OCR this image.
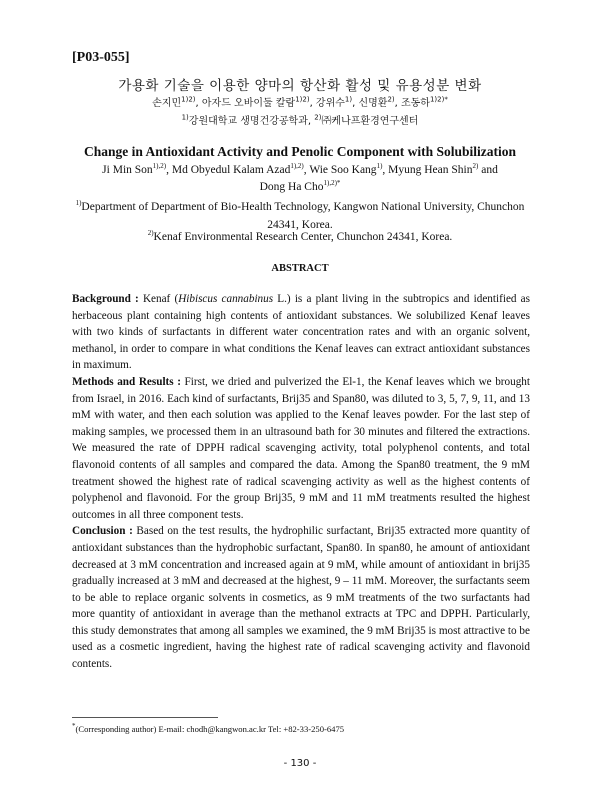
[P03-055]
가용화 기술을 이용한 양마의 항산화 활성 및 유용성분 변화
손지민$^{1)2)}$, 아자드 오바이둘 칼람$^{1)2)}$, 강위수$^{1)}$, 신명환$^{2)}$, 조동하$^{1)2)*}$
$^{1)}$강원대학교 생명건강공학과, $^{2)}$㈜케나프환경연구센터
Change in Antioxidant Activity and Penolic Component with Solubilization
Ji Min Son$^{1),2)}$, Md Obyedul Kalam Azad$^{1),2)}$, Wie Soo Kang$^{1)}$, Myung Hean Shin$^{2)}$ and
Dong Ha Cho$^{1),2)*}$
$^{1)}$Department of Department of Bio-Health Technology, Kangwon National University, Chunchon 24341, Korea.
$^{2)}$Kenaf Environmental Research Center, Chunchon 24341, Korea.
ABSTRACT

Background : Kenaf (Hibiscus cannabinus L.) is a plant living in the subtropics and identified as herbaceous plant containing high contents of antioxidant substances. We solubilized Kenaf leaves with two kinds of surfactants in different water concentration rates and with an organic solvent, methanol, in order to compare in what conditions the Kenaf leaves can extract antioxidant substances in maximum.

Methods and Results : First, we dried and pulverized the El-1, the Kenaf leaves which we brought from Israel, in 2016. Each kind of surfactants, Brij35 and Span80, was diluted to 3, 5, 7, 9, 11, and 13 mM with water, and then each solution was applied to the Kenaf leaves powder. For the last step of making samples, we processed them in an ultrasound bath for 30 minutes and filtered the extractions. We measured the rate of DPPH radical scavenging activity, total polyphenol contents, and total flavonoid contents of all samples and compared the data. Among the Span80 treatment, the 9 mM treatment showed the highest rate of radical scavenging activity as well as the highest contents of polyphenol and flavonoid. For the group Brij35, 9 mM and 11 mM treatments resulted the highest outcomes in all three component tests.

Conclusion : Based on the test results, the hydrophilic surfactant, Brij35 extracted more quantity of antioxidant substances than the hydrophobic surfactant, Span80. In span80, he amount of antioxidant decreased at 3 mM concentration and increased again at 9 mM, while amount of antioxidant in brij35 gradually increased at 3 mM and decreased at the highest, 9 – 11 mM. Moreover, the surfactants seem to be able to replace organic solvents in cosmetics, as 9 mM treatments of the two surfactants had more quantity of antioxidant in average than the methanol extracts at TPC and DPPH. Particularly, this study demonstrates that among all samples we examined, the 9 mM Brij35 is most attractive to be used as a cosmetic ingredient, having the highest rate of radical scavenging activity and flavonoid contents.

*(Corresponding author) E-mail: chodh@kangwon.ac.kr Tel: +82-33-250-6475
- 130 -
